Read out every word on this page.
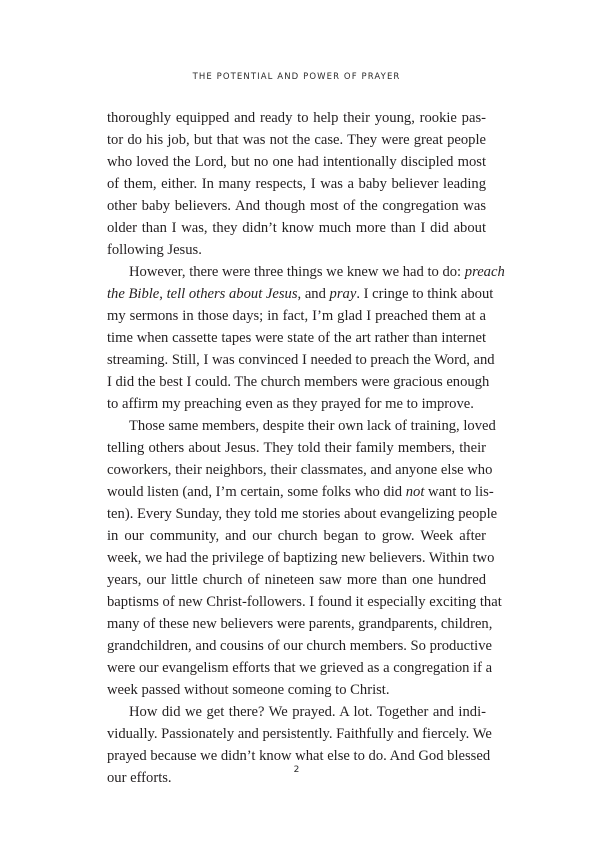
THE POTENTIAL AND POWER OF PRAYER

thoroughly equipped and ready to help their young, rookie pas-
tor do his job, but that was not the case. They were great people
who loved the Lord, but no one had intentionally discipled most
of them, either. In many respects, I was a baby believer leading
other baby believers. And though most of the congregation was
older than I was, they didn’t know much more than I did about
following Jesus.

However, there were three things we knew we had to do: preach
the Bible, tell others about Jesus, and pray. I cringe to think about
my sermons in those days; in fact, I’m glad I preached them at a
time when cassette tapes were state of the art rather than internet
streaming. Still, I was convinced I needed to preach the Word, and
I did the best I could. The church members were gracious enough
to affirm my preaching even as they prayed for me to improve.

Those same members, despite their own lack of training, loved
telling others about Jesus. They told their family members, their
coworkers, their neighbors, their classmates, and anyone else who
would listen (and, I’m certain, some folks who did not want to lis-
ten). Every Sunday, they told me stories about evangelizing people
in our community, and our church began to grow. Week after
week, we had the privilege of baptizing new believers. Within two
years, our little church of nineteen saw more than one hundred
baptisms of new Christ-followers. I found it especially exciting that
many of these new believers were parents, grandparents, children,
grandchildren, and cousins of our church members. So productive
were our evangelism efforts that we grieved as a congregation if a
week passed without someone coming to Christ.

How did we get there? We prayed. A lot. Together and indi-
vidually. Passionately and persistently. Faithfully and fiercely. We
prayed because we didn’t know what else to do. And God blessed
our efforts.	2
